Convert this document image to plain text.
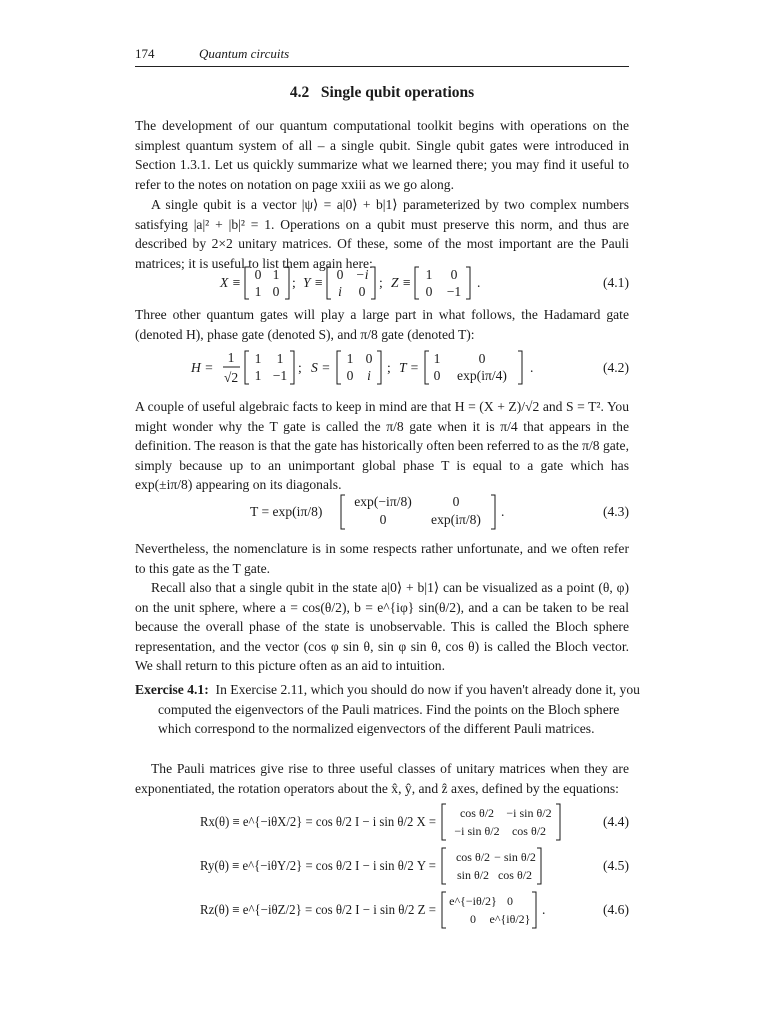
174	Quantum circuits
4.2   Single qubit operations

The development of our quantum computational toolkit begins with operations on the simplest quantum system of all – a single qubit. Single qubit gates were introduced in Section 1.3.1. Let us quickly summarize what we learned there; you may find it useful to refer to the notes on notation on page xxiii as we go along.

A single qubit is a vector |ψ⟩ = a|0⟩ + b|1⟩ parameterized by two complex numbers satisfying |a|² + |b|² = 1. Operations on a qubit must preserve this norm, and thus are described by 2×2 unitary matrices. Of these, some of the most important are the Pauli matrices; it is useful to list them again here:

X ≡
0 1
1 0
; Y ≡
0 −i
i 0
; Z ≡
1 0
0 −1
.	(4.1)

Three other quantum gates will play a large part in what follows, the Hadamard gate (denoted H), phase gate (denoted S), and π/8 gate (denoted T):

H =
1
√2
1 1
1 −1
; S =
1 0
0 i
; T =
1	0
0 exp(iπ/4)
.	(4.2)

A couple of useful algebraic facts to keep in mind are that H = (X + Z)/√2 and S = T². You might wonder why the T gate is called the π/8 gate when it is π/4 that appears in the definition. The reason is that the gate has historically often been referred to as the π/8 gate, simply because up to an unimportant global phase T is equal to a gate which has exp(±iπ/8) appearing on its diagonals.

T = exp(iπ/8)
exp(−iπ/8)	0
0	exp(iπ/8)
.	(4.3)

Nevertheless, the nomenclature is in some respects rather unfortunate, and we often refer to this gate as the T gate.

Recall also that a single qubit in the state a|0⟩ + b|1⟩ can be visualized as a point (θ, φ) on the unit sphere, where a = cos(θ/2), b = e^{iφ} sin(θ/2), and a can be taken to be real because the overall phase of the state is unobservable. This is called the Bloch sphere representation, and the vector (cos φ sin θ, sin φ sin θ, cos θ) is called the Bloch vector. We shall return to this picture often as an aid to intuition.

Exercise 4.1: In Exercise 2.11, which you should do now if you haven't already done it, you computed the eigenvectors of the Pauli matrices. Find the points on the Bloch sphere which correspond to the normalized eigenvectors of the different Pauli matrices.

The Pauli matrices give rise to three useful classes of unitary matrices when they are exponentiated, the rotation operators about the x̂, ŷ, and ẑ axes, defined by the equations:

Rx(θ) ≡ e^{−iθX/2} = cos θ/2 I − i sin θ/2 X =
cos θ/2 −i sin θ/2
−i sin θ/2 cos θ/2
(4.4)
Ry(θ) ≡ e^{−iθY/2} = cos θ/2 I − i sin θ/2 Y =
cos θ/2 − sin θ/2
sin θ/2 cos θ/2
(4.5)
Rz(θ) ≡ e^{−iθZ/2} = cos θ/2 I − i sin θ/2 Z =
e^{−iθ/2} 0
0 e^{iθ/2}
.	(4.6)
